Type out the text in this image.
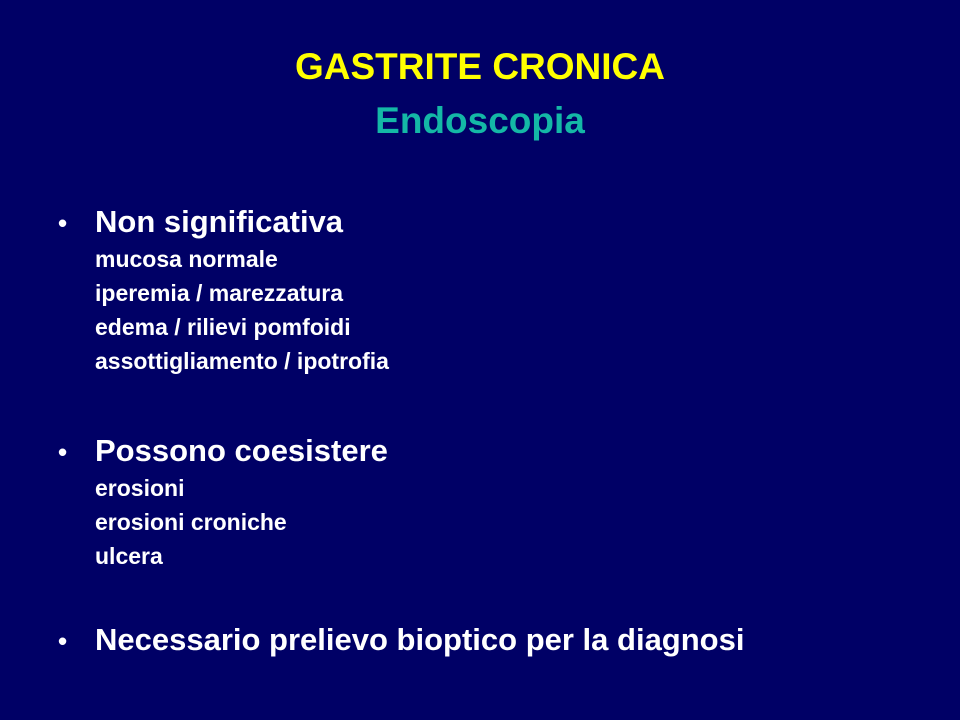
GASTRITE CRONICA
Endoscopia
• Non significativa
mucosa normale
iperemia / marezzatura
edema / rilievi pomfoidi
assottigliamento / ipotrofia
• Possono coesistere
erosioni
erosioni croniche
ulcera
• Necessario prelievo bioptico per la diagnosi
